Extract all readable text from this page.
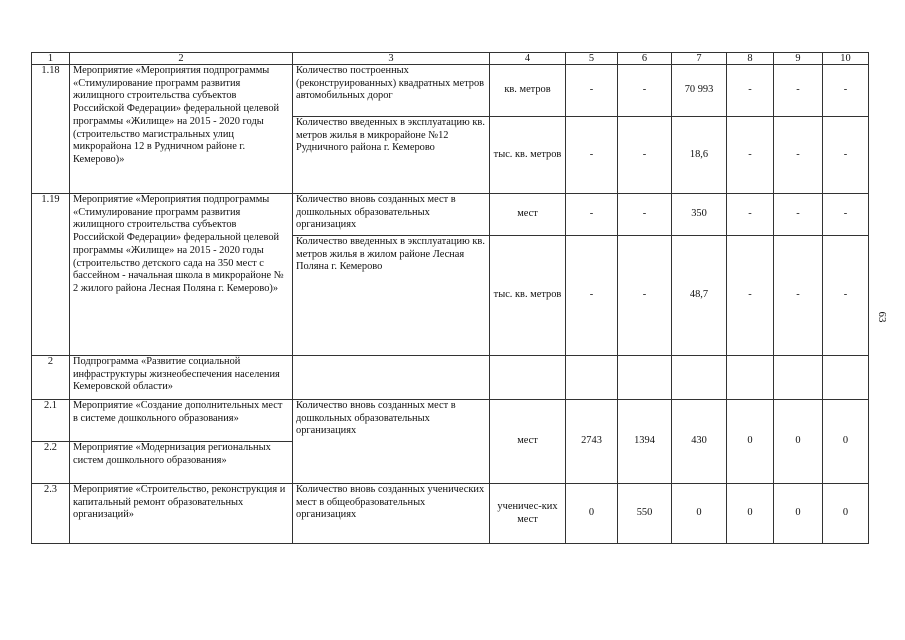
1	2	3	4	5	6	7	8	9	10
1.18	Мероприятие «Мероприятия подпрограммы «Стимулирование программ развития жилищного строительства субъектов Российской Федерации» федеральной целевой программы «Жилище» на 2015 - 2020 годы (строительство магистральных улиц микрорайона 12 в Рудничном районе г. Кемерово)»	Количество построенных (реконструированных) квадратных метров автомобильных дорог	кв. метров	-	-	70 993	-	-	-
		Количество введенных в эксплуатацию кв. метров жилья в микрорайоне №12 Рудничного района г. Кемерово	тыс. кв. метров	-	-	18,6	-	-	-
1.19	Мероприятие «Мероприятия подпрограммы «Стимулирование программ развития жилищного строительства субъектов Российской Федерации» федеральной целевой программы «Жилище» на 2015 - 2020 годы (строительство детского сада на 350 мест с бассейном - начальная школа в микрорайоне № 2 жилого района Лесная Поляна г. Кемерово)»	Количество вновь созданных мест в дошкольных образовательных организациях	мест	-	-	350	-	-	-
		Количество введенных в эксплуатацию кв. метров жилья в жилом районе Лесная Поляна г. Кемерово	тыс. кв. метров	-	-	48,7	-	-	-
2	Подпрограмма «Развитие социальной инфраструктуры жизнеобеспечения населения Кемеровской области»								
2.1	Мероприятие «Создание дополнительных мест в системе дошкольного образования»	Количество вновь созданных мест в дошкольных образовательных организациях	мест	2743	1394	430	0	0	0
2.2	Мероприятие «Модернизация региональных систем дошкольного образования»								
2.3	Мероприятие «Строительство, реконструкция и капитальный ремонт образовательных организаций»	Количество вновь созданных ученических мест в общеобразовательных организациях	ученичес-ких мест	0	550	0	0	0	0
63
